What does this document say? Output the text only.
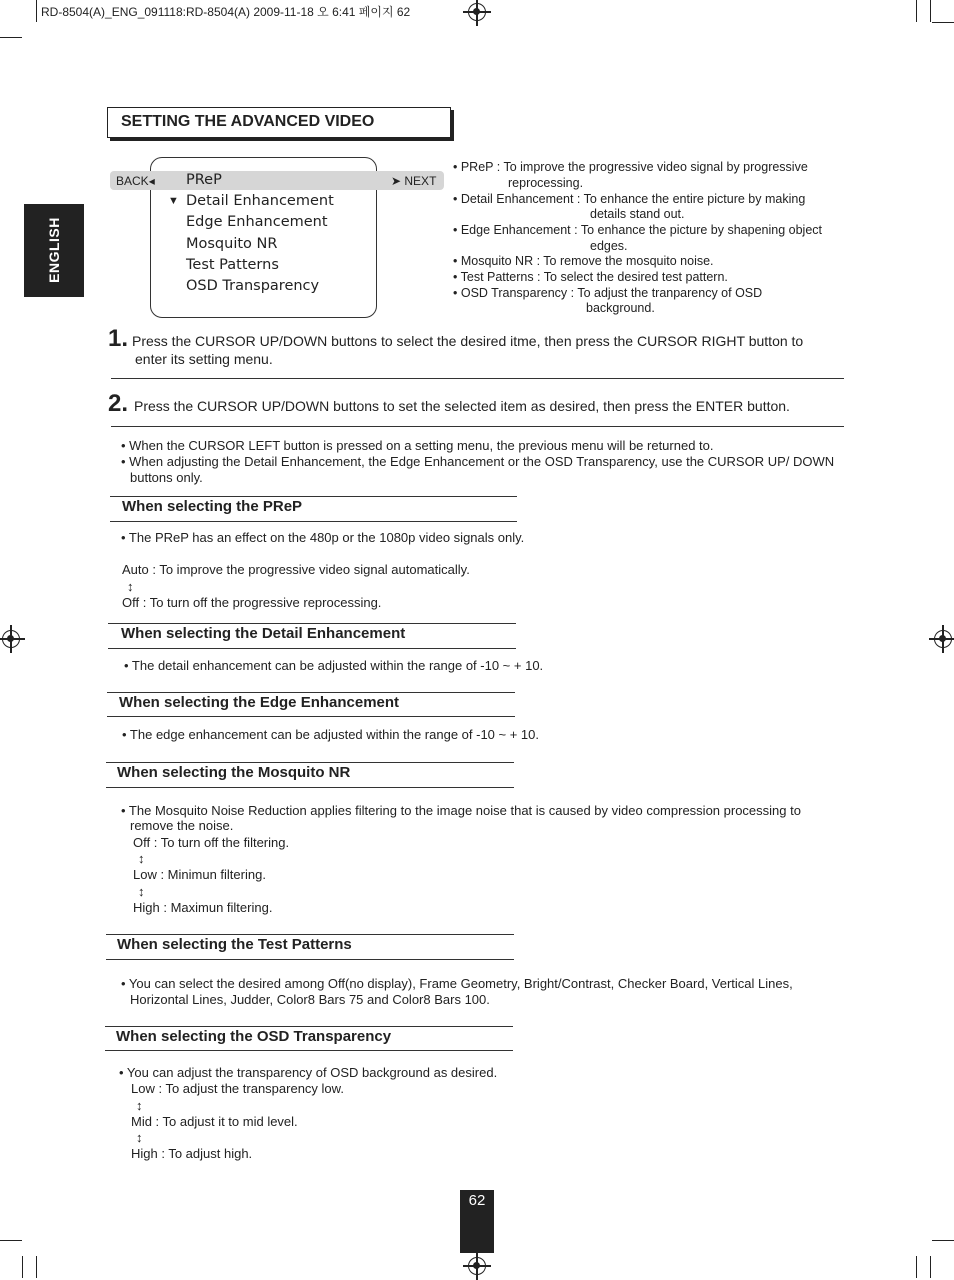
RD-8504(A)_ENG_091118:RD-8504(A) 2009-11-18 오 6:41 페이지 62
ENGLISH
SETTING THE ADVANCED VIDEO
BACK◂	➤ NEXT
▼
PReP
Detail Enhancement
Edge Enhancement
Mosquito NR
Test Patterns
OSD Transparency
• PReP : To improve the progressive video signal by progressive
reprocessing.
• Detail Enhancement : To enhance the entire picture by making
details stand out.
• Edge Enhancement : To enhance the picture by shapening object
edges.
• Mosquito NR : To remove the mosquito noise.
• Test Patterns : To select the desired test pattern.
• OSD Transparency : To adjust the tranparency of OSD
background.
1. Press the CURSOR UP/DOWN buttons to select the desired itme, then press the CURSOR RIGHT button to
enter its setting menu.
2. Press the CURSOR UP/DOWN buttons to set the selected item as desired, then press the ENTER button.
• When the CURSOR LEFT button is pressed on a setting menu, the previous menu will be returned to.
• When adjusting the Detail Enhancement, the Edge Enhancement or the OSD Transparency, use the CURSOR UP/ DOWN
buttons only.
When selecting the PReP
• The PReP has an effect on the 480p or the 1080p video signals only.
Auto : To improve the progressive video signal automatically.
↕
Off : To turn off the progressive reprocessing.
When selecting the Detail Enhancement
• The detail enhancement can be adjusted within the range of -10 ~ + 10.
When selecting the Edge Enhancement
• The edge enhancement can be adjusted within the range of -10 ~ + 10.
When selecting the Mosquito NR
• The Mosquito Noise Reduction applies filtering to the image noise that is caused by video compression processing to
remove the noise.
Off : To turn off the filtering.
↕
Low : Minimun filtering.
↕
High : Maximun filtering.
When selecting the Test Patterns
• You can select the desired among Off(no display), Frame Geometry, Bright/Contrast, Checker Board, Vertical Lines,
Horizontal Lines, Judder, Color8 Bars 75 and Color8 Bars 100.
When selecting the OSD Transparency
• You can adjust the transparency of OSD background as desired.
Low : To adjust the transparency low.
↕
Mid : To adjust it to mid level.
↕
High : To adjust high.
62
